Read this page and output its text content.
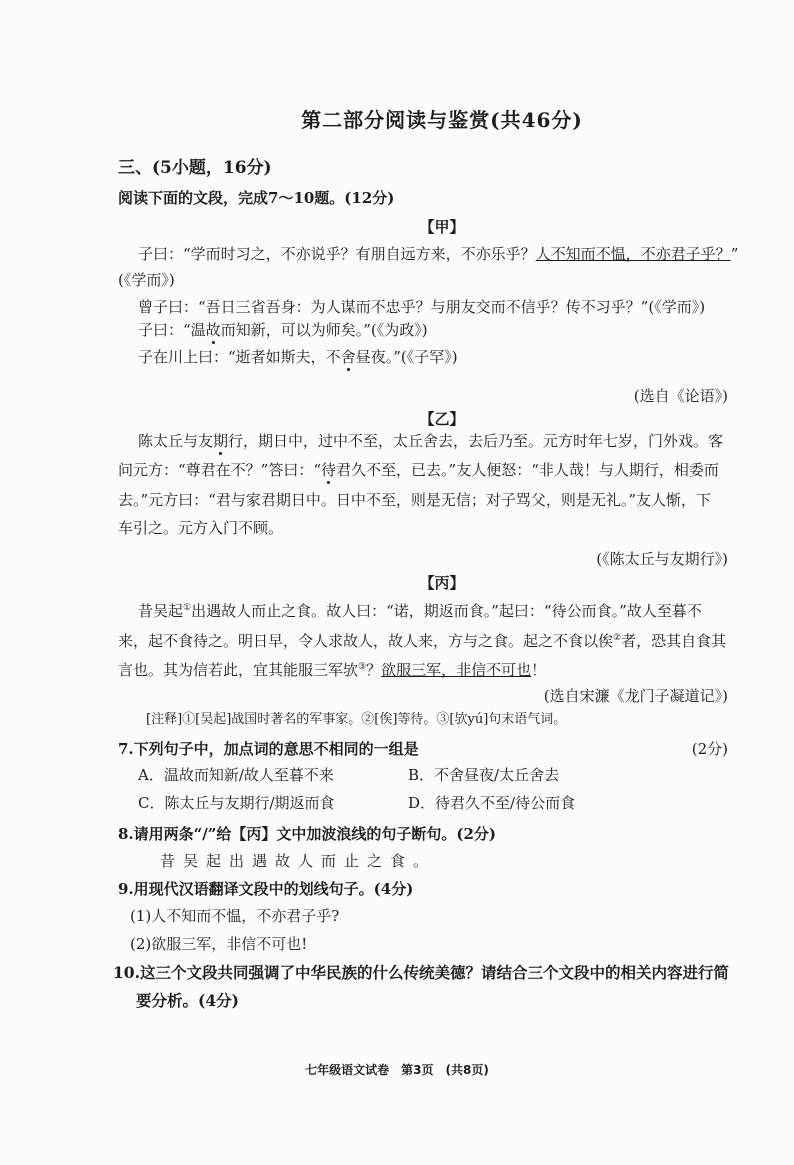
第二部分阅读与鉴赏(共46分)
三、(5小题，16分)
阅读下面的文段，完成7～10题。(12分)
【甲】
子曰：“学而时习之，不亦说乎？有朋自远方来，不亦乐乎？人不知而不愠，不亦君子乎？”
(《学而》)
曾子曰：“吾日三省吾身：为人谋而不忠乎？与朋友交而不信乎？传不习乎？”(《学而》)
子曰：“温故而知新，可以为师矣。”(《为政》)
子在川上曰：“逝者如斯夫，不舍昼夜。”(《子罕》)
(选自《论语》)
【乙】
陈太丘与友期行，期日中，过中不至，太丘舍去，去后乃至。元方时年七岁，门外戏。客
问元方：“尊君在不？”答曰：“待君久不至，已去。”友人便怒：“非人哉！与人期行，相委而
去。”元方曰：“君与家君期日中。日中不至，则是无信；对子骂父，则是无礼。”友人惭，下
车引之。元方入门不顾。
(《陈太丘与友期行》)
【丙】
昔吴起①出遇故人而止之食。故人曰：“诺，期返而食。”起曰：“待公而食。”故人至暮不
来，起不食待之。明日早，令人求故人，故人来，方与之食。起之不食以俟②者，恐其自食其
言也。其为信若此，宜其能服三军欤③？欲服三军，非信不可也！
(选自宋濂《龙门子凝道记》)
[注释]①[吴起]战国时著名的军事家。②[俟]等待。③[欤yú]句末语气词。
7.下列句子中，加点词的意思不相同的一组是	(2分)
A．温故而知新/故人至暮不来	B．不舍昼夜/太丘舍去
C．陈太丘与友期行/期返而食	D．待君久不至/待公而食
8.请用两条“/”给【丙】文中加波浪线的句子断句。(2分)
昔吴起出遇故人而止之食。
9.用现代汉语翻译文段中的划线句子。(4分)
(1)人不知而不愠，不亦君子乎?
(2)欲服三军，非信不可也!
10.这三个文段共同强调了中华民族的什么传统美德？请结合三个文段中的相关内容进行简
要分析。(4分)
七年级语文试卷　第3页　(共8页)
